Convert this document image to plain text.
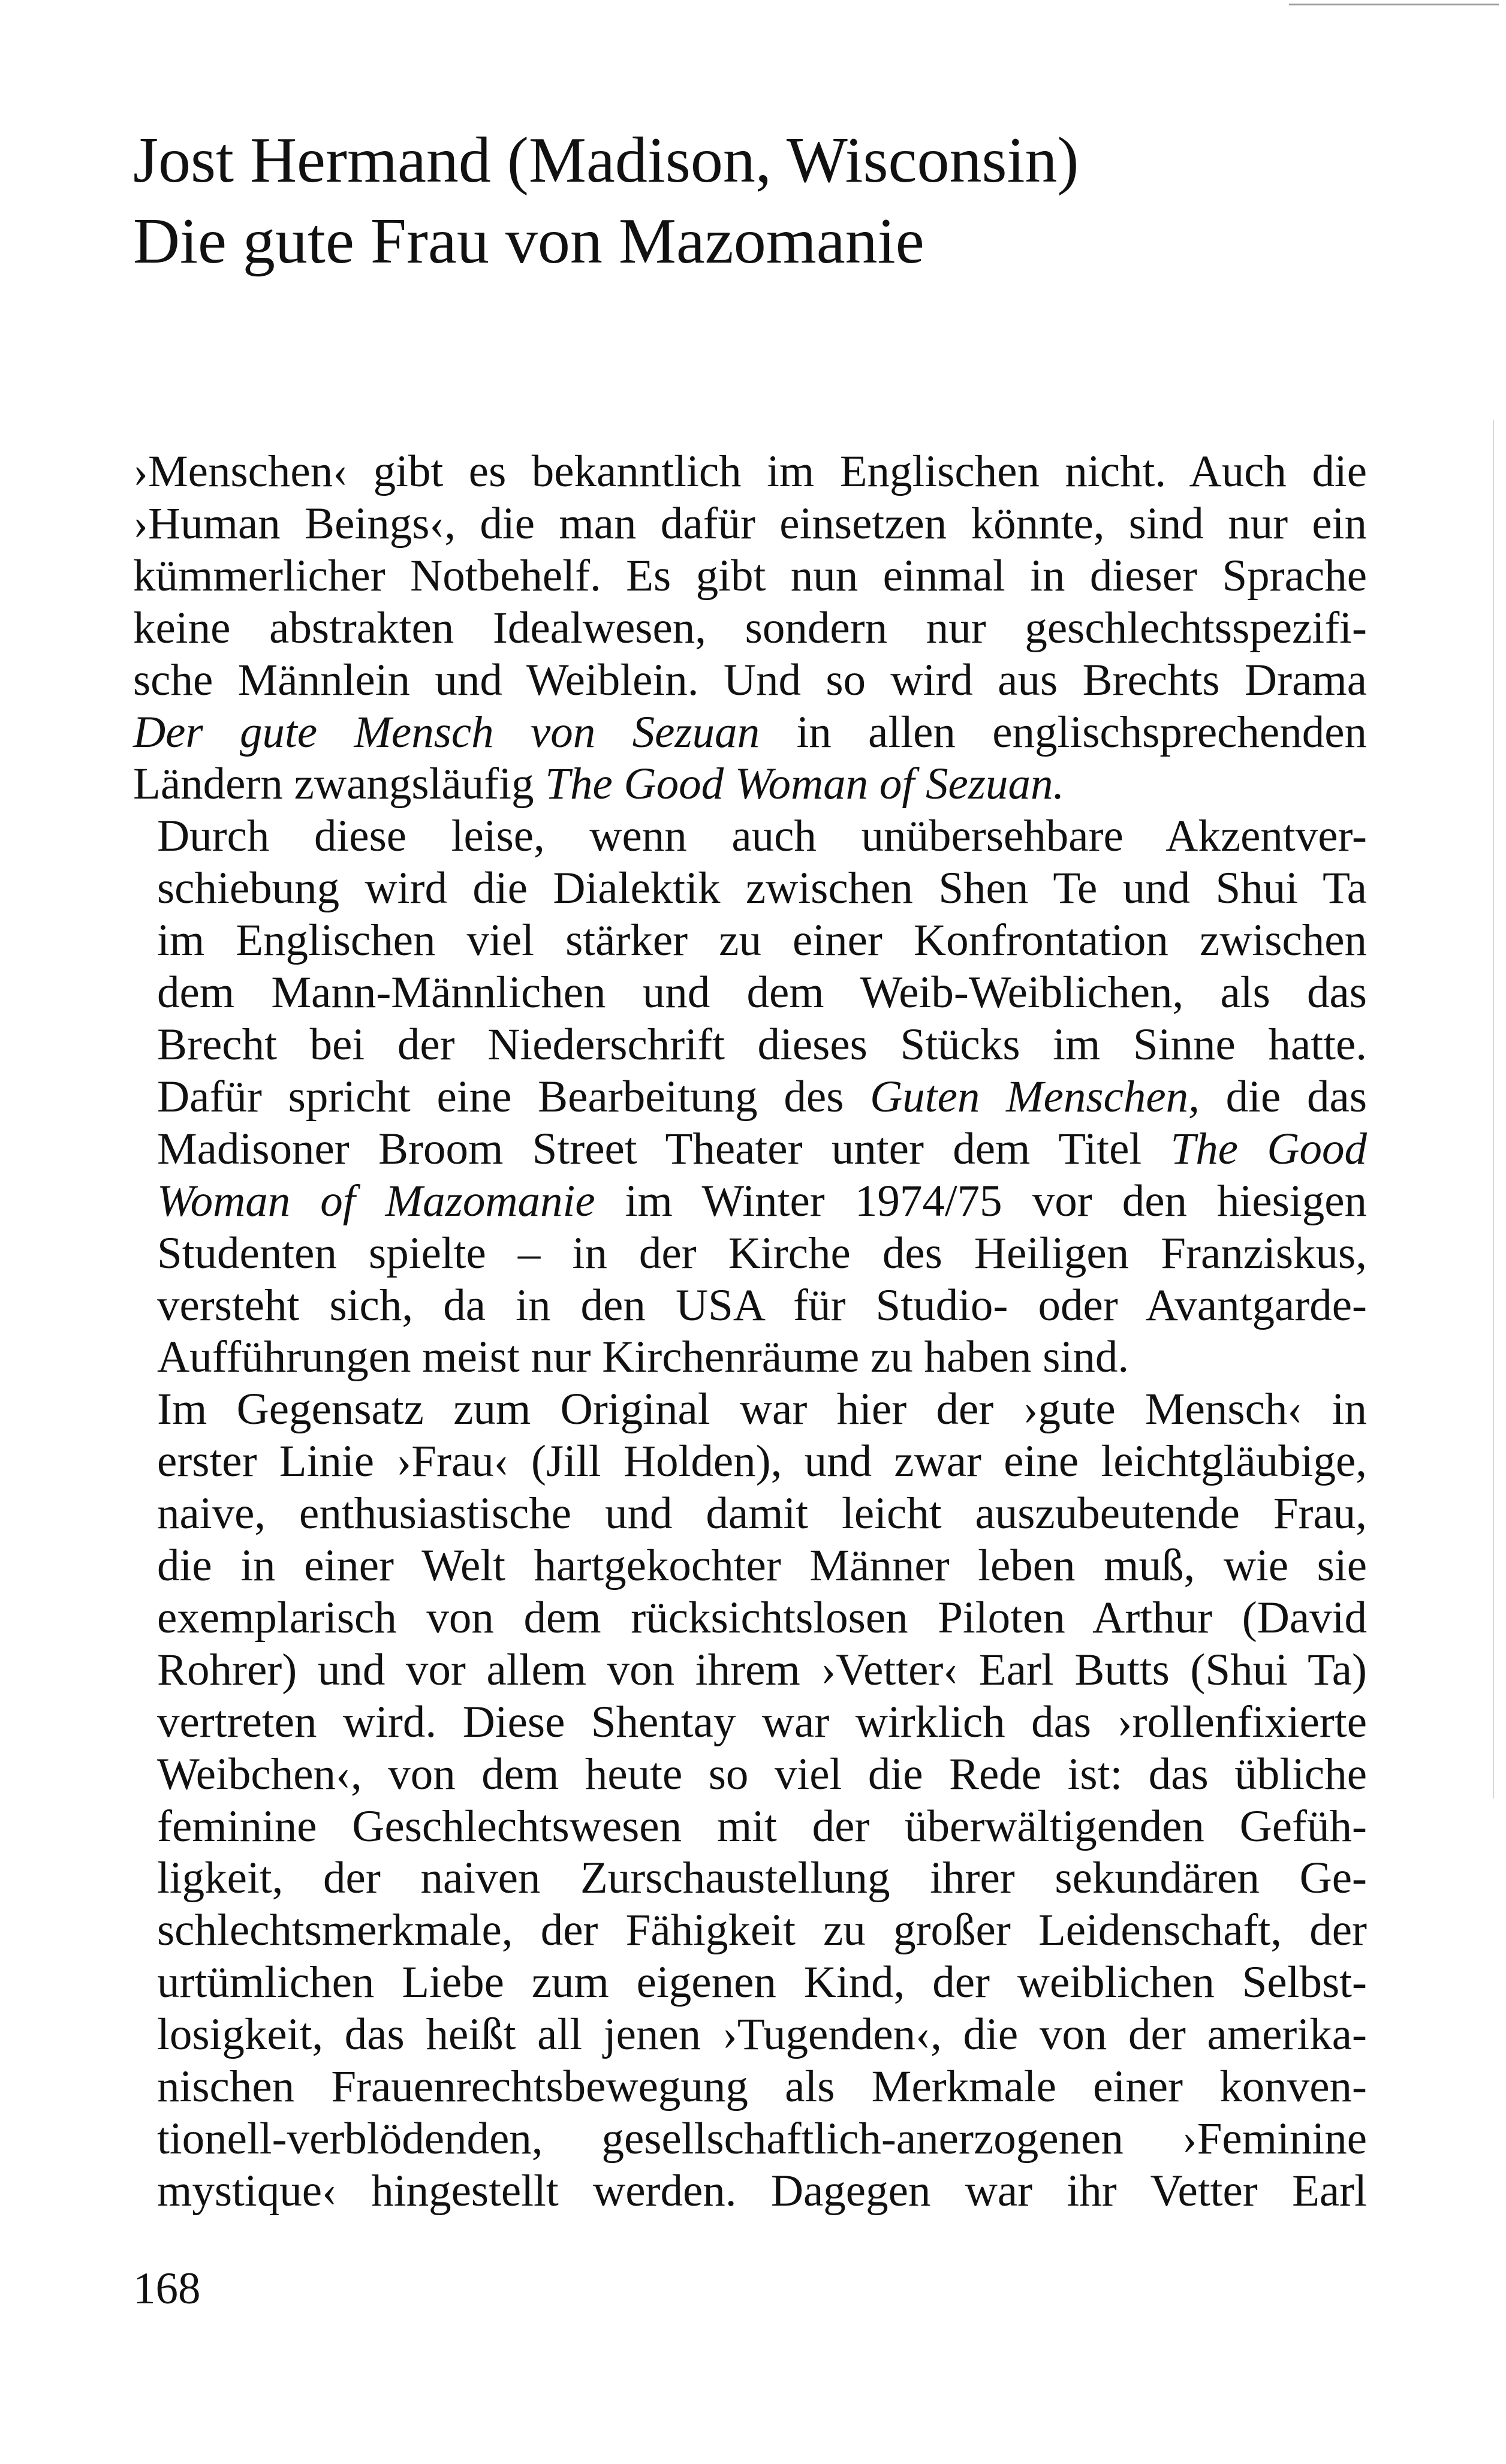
Jost Hermand (Madison, Wisconsin)
Die gute Frau von Mazomanie

›Menschen‹ gibt es bekanntlich im Englischen nicht. Auch die
›Human Beings‹, die man dafür einsetzen könnte, sind nur ein
kümmerlicher Notbehelf. Es gibt nun einmal in dieser Sprache
keine abstrakten Idealwesen, sondern nur geschlechtsspezifi-
sche Männlein und Weiblein. Und so wird aus Brechts Drama
Der gute Mensch von Sezuan in allen englischsprechenden
Ländern zwangsläufig The Good Woman of Sezuan.

Durch diese leise, wenn auch unübersehbare Akzentver-
schiebung wird die Dialektik zwischen Shen Te und Shui Ta
im Englischen viel stärker zu einer Konfrontation zwischen
dem Mann-Männlichen und dem Weib-Weiblichen, als das
Brecht bei der Niederschrift dieses Stücks im Sinne hatte.
Dafür spricht eine Bearbeitung des Guten Menschen, die das
Madisoner Broom Street Theater unter dem Titel The Good
Woman of Mazomanie im Winter 1974/75 vor den hiesigen
Studenten spielte – in der Kirche des Heiligen Franziskus,
versteht sich, da in den USA für Studio- oder Avantgarde-
Aufführungen meist nur Kirchenräume zu haben sind.

Im Gegensatz zum Original war hier der ›gute Mensch‹ in
erster Linie ›Frau‹ (Jill Holden), und zwar eine leichtgläubige,
naive, enthusiastische und damit leicht auszubeutende Frau,
die in einer Welt hartgekochter Männer leben muß, wie sie
exemplarisch von dem rücksichtslosen Piloten Arthur (David
Rohrer) und vor allem von ihrem ›Vetter‹ Earl Butts (Shui Ta)
vertreten wird. Diese Shentay war wirklich das ›rollenfixierte
Weibchen‹, von dem heute so viel die Rede ist: das übliche
feminine Geschlechtswesen mit der überwältigenden Gefüh-
ligkeit, der naiven Zurschaustellung ihrer sekundären Ge-
schlechtsmerkmale, der Fähigkeit zu großer Leidenschaft, der
urtümlichen Liebe zum eigenen Kind, der weiblichen Selbst-
losigkeit, das heißt all jenen ›Tugenden‹, die von der amerika-
nischen Frauenrechtsbewegung als Merkmale einer konven-
tionell-verblödenden, gesellschaftlich-anerzogenen ›Feminine
mystique‹ hingestellt werden. Dagegen war ihr Vetter Earl

168
